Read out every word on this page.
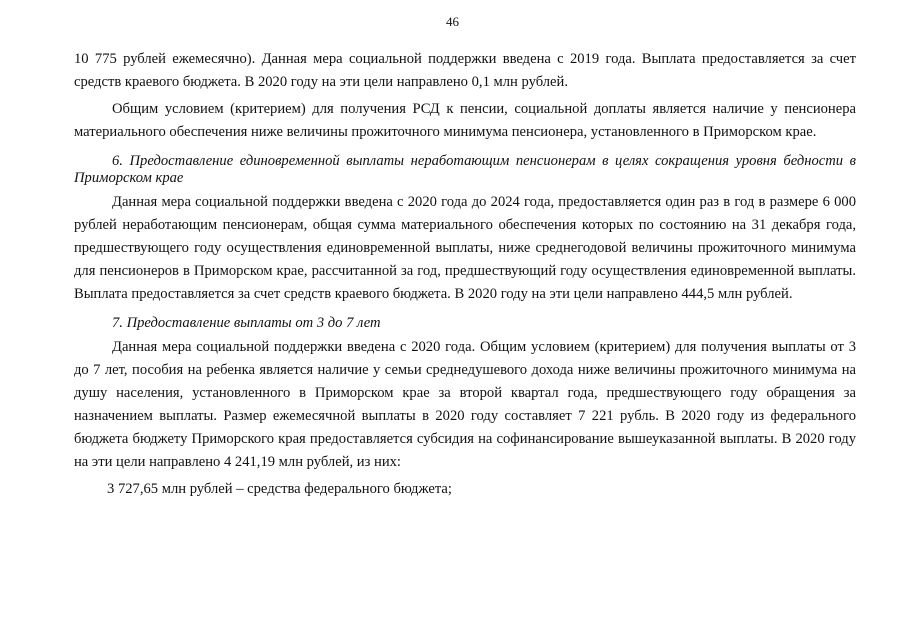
46

10 775 рублей ежемесячно). Данная мера социальной поддержки введена с 2019 года. Выплата предоставляется за счет средств краевого бюджета. В 2020 году на эти цели направлено 0,1 млн рублей.

Общим условием (критерием) для получения РСД к пенсии, социальной доплаты является наличие у пенсионера материального обеспечения ниже величины прожиточного минимума пенсионера, установленного в Приморском крае.

6. Предоставление единовременной выплаты неработающим пенсионерам в целях сокращения уровня бедности в Приморском крае

Данная мера социальной поддержки введена с 2020 года до 2024 года, предоставляется один раз в год в размере 6 000 рублей неработающим пенсионерам, общая сумма материального обеспечения которых по состоянию на 31 декабря года, предшествующего году осуществления единовременной выплаты, ниже среднегодовой величины прожиточного минимума для пенсионеров в Приморском крае, рассчитанной за год, предшествующий году осуществления единовременной выплаты. Выплата предоставляется за счет средств краевого бюджета. В 2020 году на эти цели направлено 444,5 млн рублей.

7. Предоставление выплаты от 3 до 7 лет

Данная мера социальной поддержки введена с 2020 года. Общим условием (критерием) для получения выплаты от 3 до 7 лет, пособия на ребенка является наличие у семьи среднедушевого дохода ниже величины прожиточного минимума на душу населения, установленного в Приморском крае за второй квартал года, предшествующего году обращения за назначением выплаты. Размер ежемесячной выплаты в 2020 году составляет 7 221 рубль. В 2020 году из федерального бюджета бюджету Приморского края предоставляется субсидия на софинансирование вышеуказанной выплаты. В 2020 году на эти цели направлено 4 241,19 млн рублей, из них:

3 727,65 млн рублей – средства федерального бюджета;
